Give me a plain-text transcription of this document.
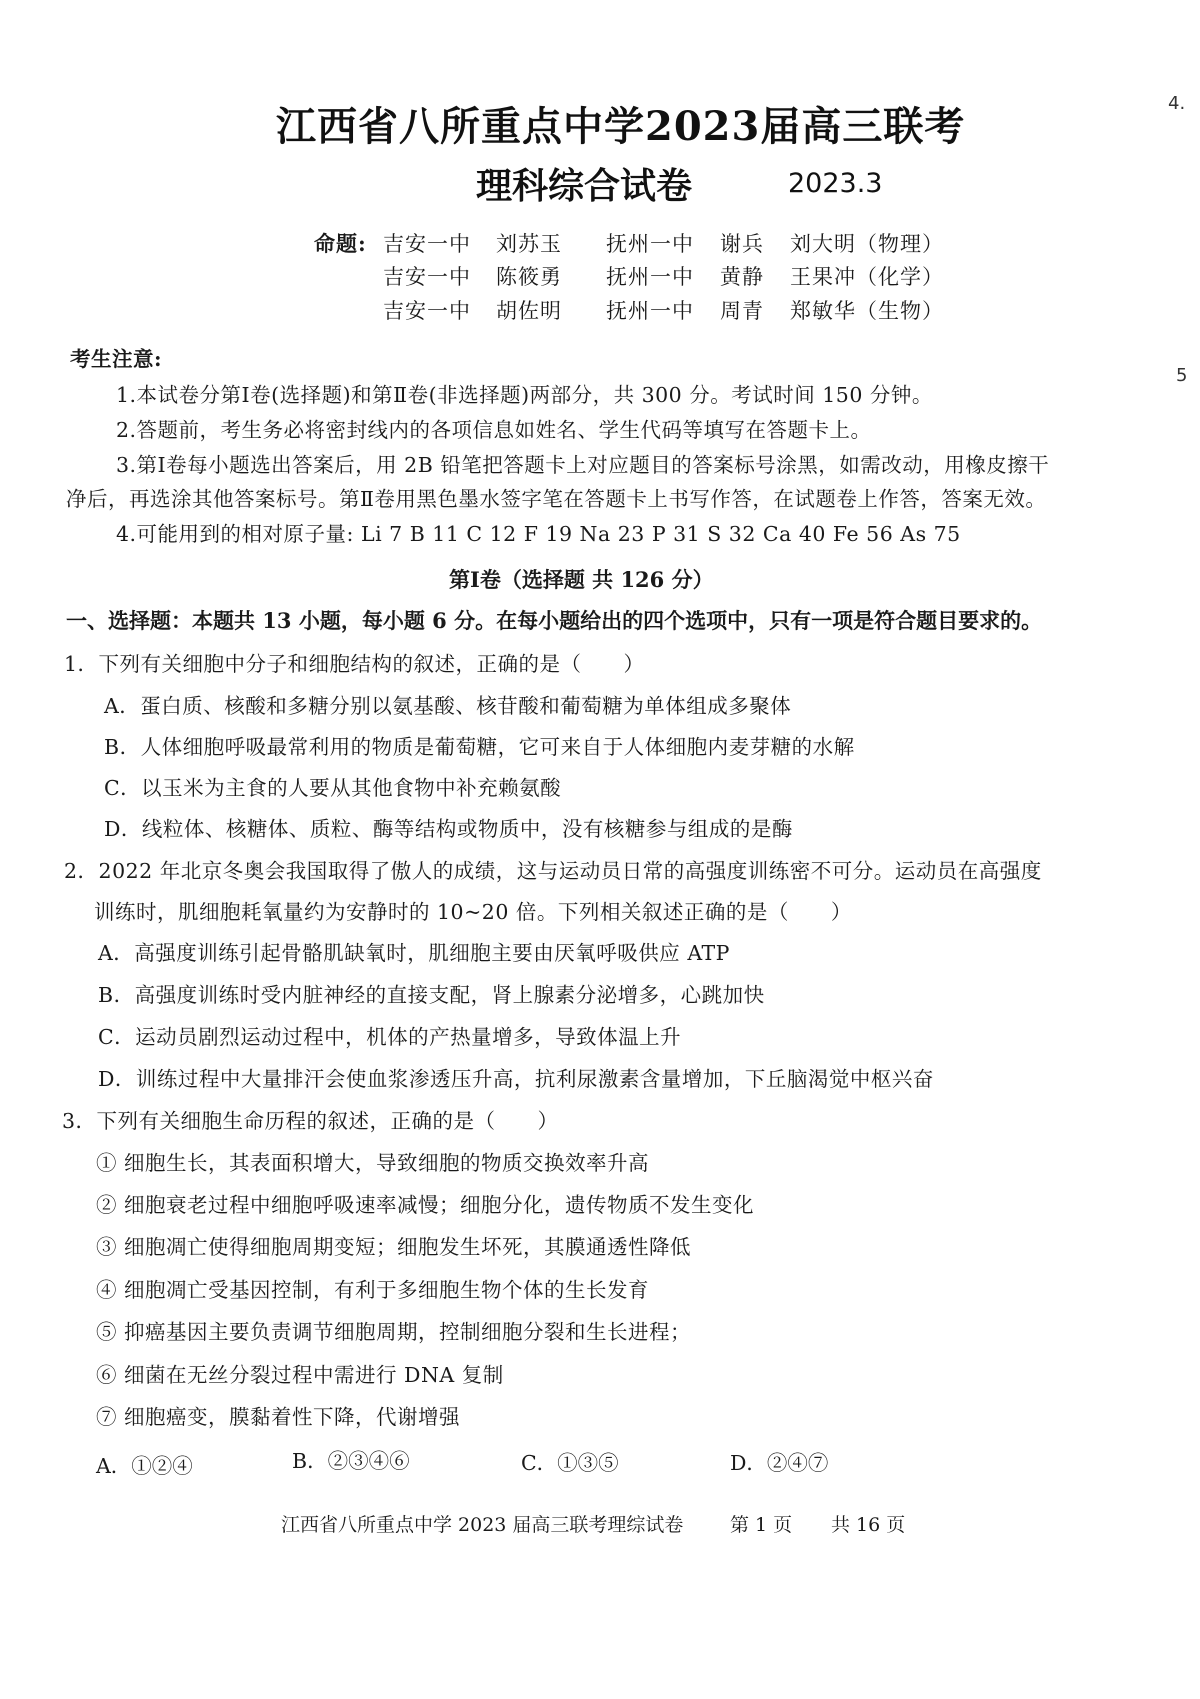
4.
5
江西省八所重点中学2023届高三联考
理科综合试卷	2023.3
命题: 吉安一中 刘苏玉 抚州一中 谢兵 刘大明（物理）
吉安一中 陈筱勇 抚州一中 黄静 王果冲（化学）
吉安一中 胡佐明 抚州一中 周青 郑敏华（生物）
考生注意:
1.本试卷分第Ⅰ卷(选择题)和第Ⅱ卷(非选择题)两部分，共 300 分。考试时间 150 分钟。
2.答题前，考生务必将密封线内的各项信息如姓名、学生代码等填写在答题卡上。
3.第Ⅰ卷每小题选出答案后，用 2B 铅笔把答题卡上对应题目的答案标号涂黑，如需改动，用橡皮擦干
净后，再选涂其他答案标号。第Ⅱ卷用黑色墨水签字笔在答题卡上书写作答，在试题卷上作答，答案无效。
4.可能用到的相对原子量: Li 7 B 11 C 12 F 19 Na 23 P 31 S 32 Ca 40 Fe 56 As 75
第Ⅰ卷（选择题 共 126 分）
一、选择题：本题共 13 小题，每小题 6 分。在每小题给出的四个选项中，只有一项是符合题目要求的。
1．下列有关细胞中分子和细胞结构的叙述，正确的是（　　）
A．蛋白质、核酸和多糖分别以氨基酸、核苷酸和葡萄糖为单体组成多聚体
B．人体细胞呼吸最常利用的物质是葡萄糖，它可来自于人体细胞内麦芽糖的水解
C．以玉米为主食的人要从其他食物中补充赖氨酸
D．线粒体、核糖体、质粒、酶等结构或物质中，没有核糖参与组成的是酶
2．2022 年北京冬奥会我国取得了傲人的成绩，这与运动员日常的高强度训练密不可分。运动员在高强度
训练时，肌细胞耗氧量约为安静时的 10~20 倍。下列相关叙述正确的是（　　）
A．高强度训练引起骨骼肌缺氧时，肌细胞主要由厌氧呼吸供应 ATP
B．高强度训练时受内脏神经的直接支配，肾上腺素分泌增多，心跳加快
C．运动员剧烈运动过程中，机体的产热量增多，导致体温上升
D．训练过程中大量排汗会使血浆渗透压升高，抗利尿激素含量增加，下丘脑渴觉中枢兴奋
3．下列有关细胞生命历程的叙述，正确的是（　　）
① 细胞生长，其表面积增大，导致细胞的物质交换效率升高
② 细胞衰老过程中细胞呼吸速率减慢；细胞分化，遗传物质不发生变化
③ 细胞凋亡使得细胞周期变短；细胞发生坏死，其膜通透性降低
④ 细胞凋亡受基因控制，有利于多细胞生物个体的生长发育
⑤ 抑癌基因主要负责调节细胞周期，控制细胞分裂和生长进程；
⑥ 细菌在无丝分裂过程中需进行 DNA 复制
⑦ 细胞癌变，膜黏着性下降，代谢增强
A．①②④	B．②③④⑥	C．①③⑤	D．②④⑦
江西省八所重点中学 2023 届高三联考理综试卷 第 1 页 共 16 页
